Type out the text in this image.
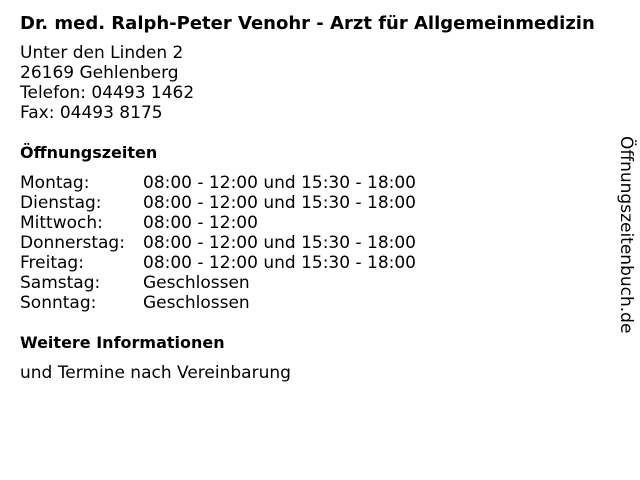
Dr. med. Ralph-Peter Venohr - Arzt für Allgemeinmedizin
Unter den Linden 2
26169 Gehlenberg
Telefon: 04493 1462
Fax: 04493 8175
Öffnungszeiten
Montag:	08:00 - 12:00 und 15:30 - 18:00
Dienstag:	08:00 - 12:00 und 15:30 - 18:00
Mittwoch:	08:00 - 12:00
Donnerstag:	08:00 - 12:00 und 15:30 - 18:00
Freitag:	08:00 - 12:00 und 15:30 - 18:00
Samstag:	Geschlossen
Sonntag:	Geschlossen
Weitere Informationen
und Termine nach Vereinbarung
Öffnungszeitenbuch.de
